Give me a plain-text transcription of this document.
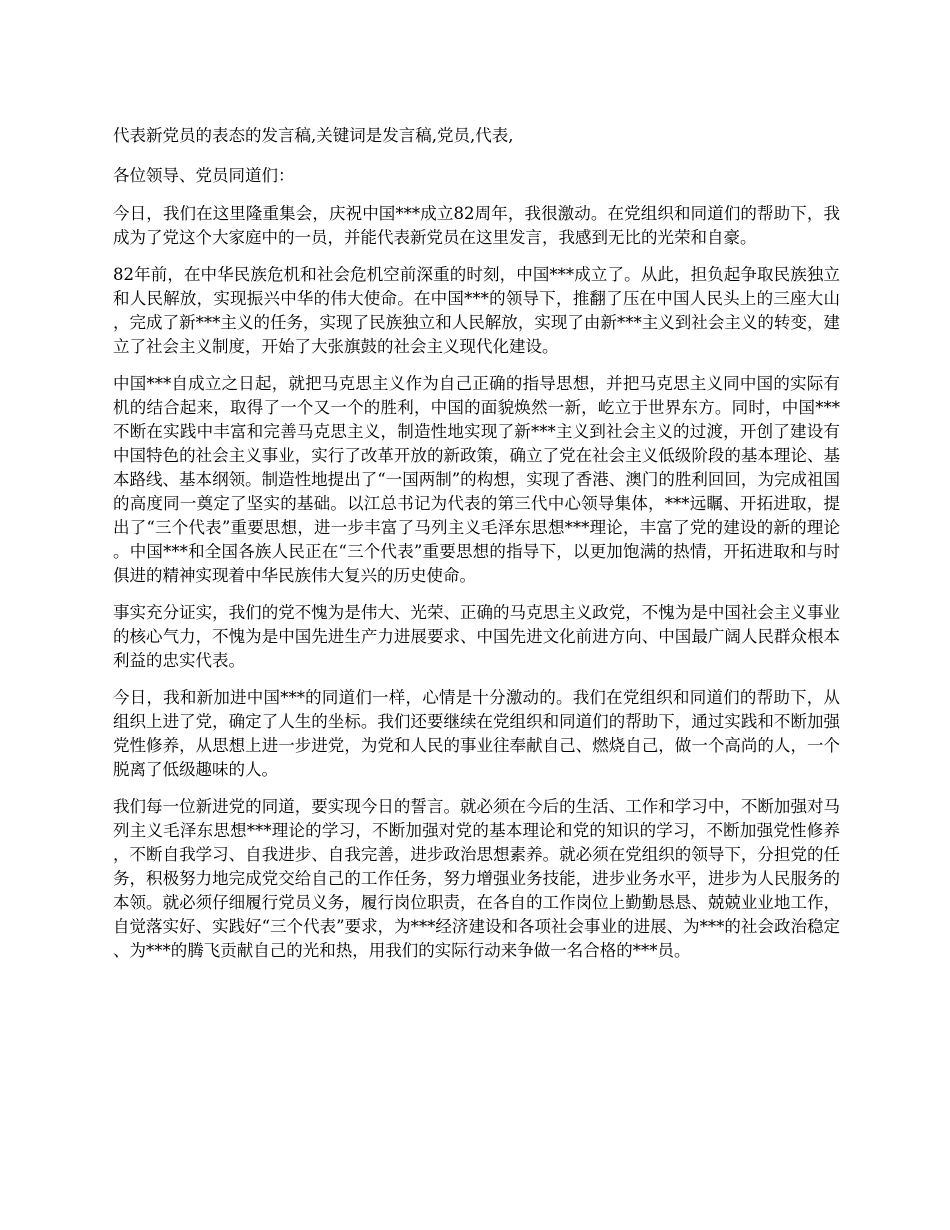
代表新党员的表态的发言稿,关键词是发言稿,党员,代表,

各位领导、党员同道们：

今日，我们在这里隆重集会，庆祝中国***成立82周年，我很激动。在党组织和同道们的帮助下，我成为了党这个大家庭中的一员，并能代表新党员在这里发言，我感到无比的光荣和自豪。

82年前，在中华民族危机和社会危机空前深重的时刻，中国***成立了。从此，担负起争取民族独立和人民解放，实现振兴中华的伟大使命。在中国***的领导下，推翻了压在中国人民头上的三座大山，完成了新***主义的任务，实现了民族独立和人民解放，实现了由新***主义到社会主义的转变，建立了社会主义制度，开始了大张旗鼓的社会主义现代化建设。

中国***自成立之日起，就把马克思主义作为自己正确的指导思想，并把马克思主义同中国的实际有机的结合起来，取得了一个又一个的胜利，中国的面貌焕然一新，屹立于世界东方。同时，中国***不断在实践中丰富和完善马克思主义，制造性地实现了新***主义到社会主义的过渡，开创了建设有中国特色的社会主义事业，实行了改革开放的新政策，确立了党在社会主义低级阶段的基本理论、基本路线、基本纲领。制造性地提出了“一国两制”的构想，实现了香港、澳门的胜利回回，为完成祖国的高度同一奠定了坚实的基础。以江总书记为代表的第三代中心领导集体，***远瞩、开拓进取，提出了“三个代表”重要思想，进一步丰富了马列主义毛泽东思想***理论，丰富了党的建设的新的理论。中国***和全国各族人民正在“三个代表”重要思想的指导下，以更加饱满的热情，开拓进取和与时俱进的精神实现着中华民族伟大复兴的历史使命。

事实充分证实，我们的党不愧为是伟大、光荣、正确的马克思主义政党，不愧为是中国社会主义事业的核心气力，不愧为是中国先进生产力进展要求、中国先进文化前进方向、中国最广阔人民群众根本利益的忠实代表。

今日，我和新加进中国***的同道们一样，心情是十分激动的。我们在党组织和同道们的帮助下，从组织上进了党，确定了人生的坐标。我们还要继续在党组织和同道们的帮助下，通过实践和不断加强党性修养，从思想上进一步进党，为党和人民的事业往奉献自己、燃烧自己，做一个高尚的人，一个脱离了低级趣味的人。

我们每一位新进党的同道，要实现今日的誓言。就必须在今后的生活、工作和学习中，不断加强对马列主义毛泽东思想***理论的学习，不断加强对党的基本理论和党的知识的学习，不断加强党性修养，不断自我学习、自我进步、自我完善，进步政治思想素养。就必须在党组织的领导下，分担党的任务，积极努力地完成党交给自己的工作任务，努力增强业务技能，进步业务水平，进步为人民服务的本领。就必须仔细履行党员义务，履行岗位职责，在各自的工作岗位上勤勤恳恳、兢兢业业地工作，自觉落实好、实践好“三个代表”要求，为***经济建设和各项社会事业的进展、为***的社会政治稳定、为***的腾飞贡献自己的光和热，用我们的实际行动来争做一名合格的***员。
